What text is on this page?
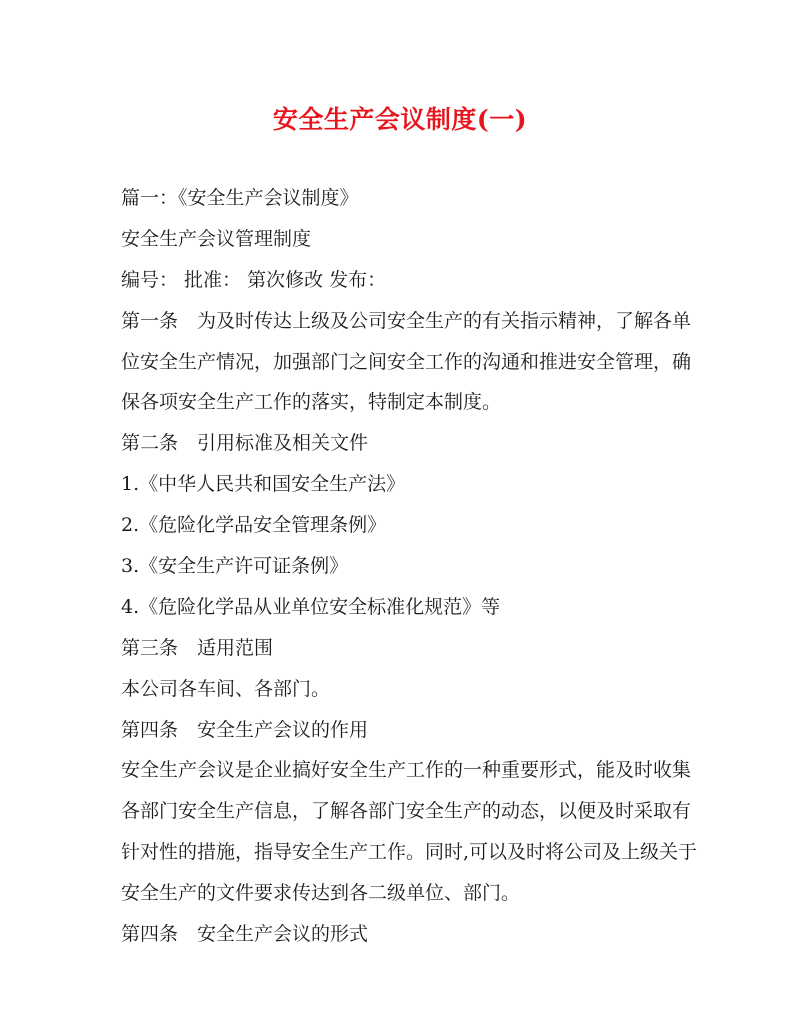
安全生产会议制度(一)
篇一：《安全生产会议制度》
安全生产会议管理制度
编号： 批准： 第次修改 发布：
第一条　为及时传达上级及公司安全生产的有关指示精神，了解各单
位安全生产情况，加强部门之间安全工作的沟通和推进安全管理，确
保各项安全生产工作的落实，特制定本制度。
第二条　引用标准及相关文件
1.《中华人民共和国安全生产法》
2.《危险化学品安全管理条例》
3.《安全生产许可证条例》
4.《危险化学品从业单位安全标准化规范》等
第三条　适用范围
本公司各车间、各部门。
第四条　安全生产会议的作用
安全生产会议是企业搞好安全生产工作的一种重要形式，能及时收集
各部门安全生产信息，了解各部门安全生产的动态，以便及时采取有
针对性的措施，指导安全生产工作。同时,可以及时将公司及上级关于
安全生产的文件要求传达到各二级单位、部门。
第四条　安全生产会议的形式
